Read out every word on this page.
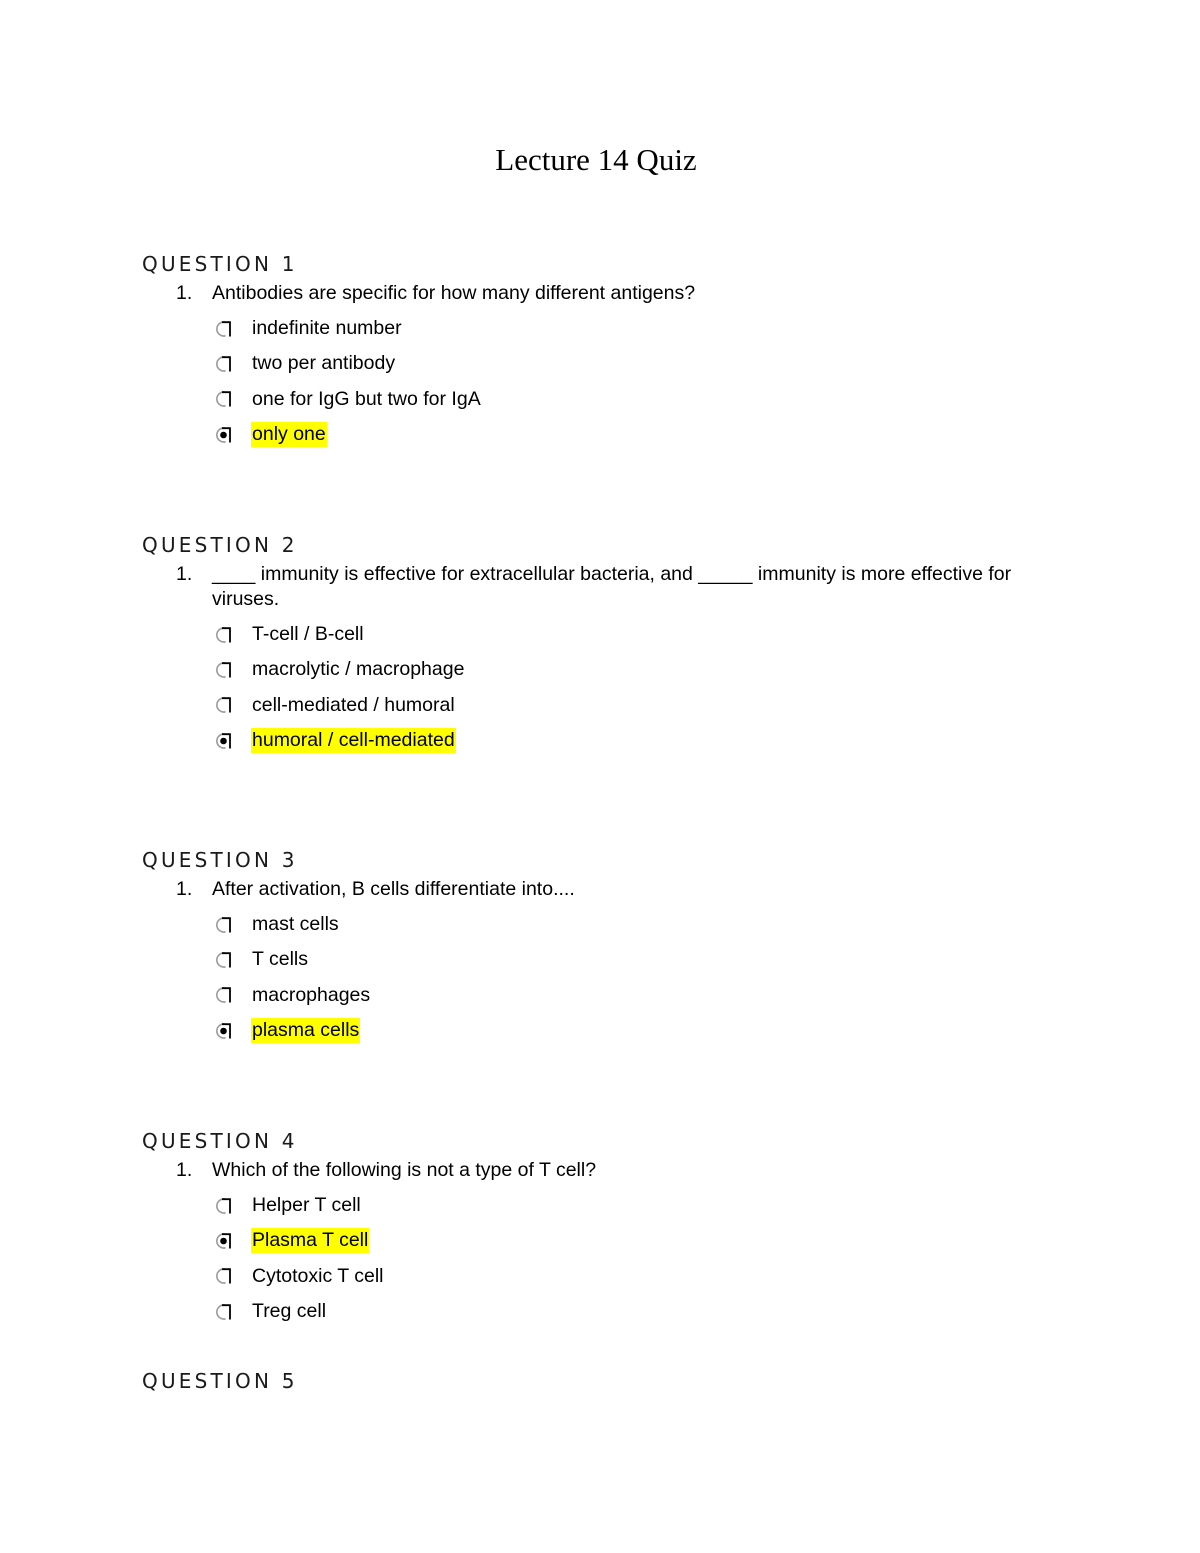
Lecture 14 Quiz
QUESTION 1
1.	Antibodies are specific for how many different antigens?
indefinite number
two per antibody
one for IgG but two for IgA
only one
QUESTION 2
1.	____ immunity is effective for extracellular bacteria, and _____ immunity is more effective for viruses.
T-cell / B-cell
macrolytic / macrophage
cell-mediated / humoral
humoral / cell-mediated
QUESTION 3
1.	After activation, B cells differentiate into....
mast cells
T cells
macrophages
plasma cells
QUESTION 4
1.	Which of the following is not a type of T cell?
Helper T cell
Plasma T cell
Cytotoxic T cell
Treg cell
QUESTION 5
